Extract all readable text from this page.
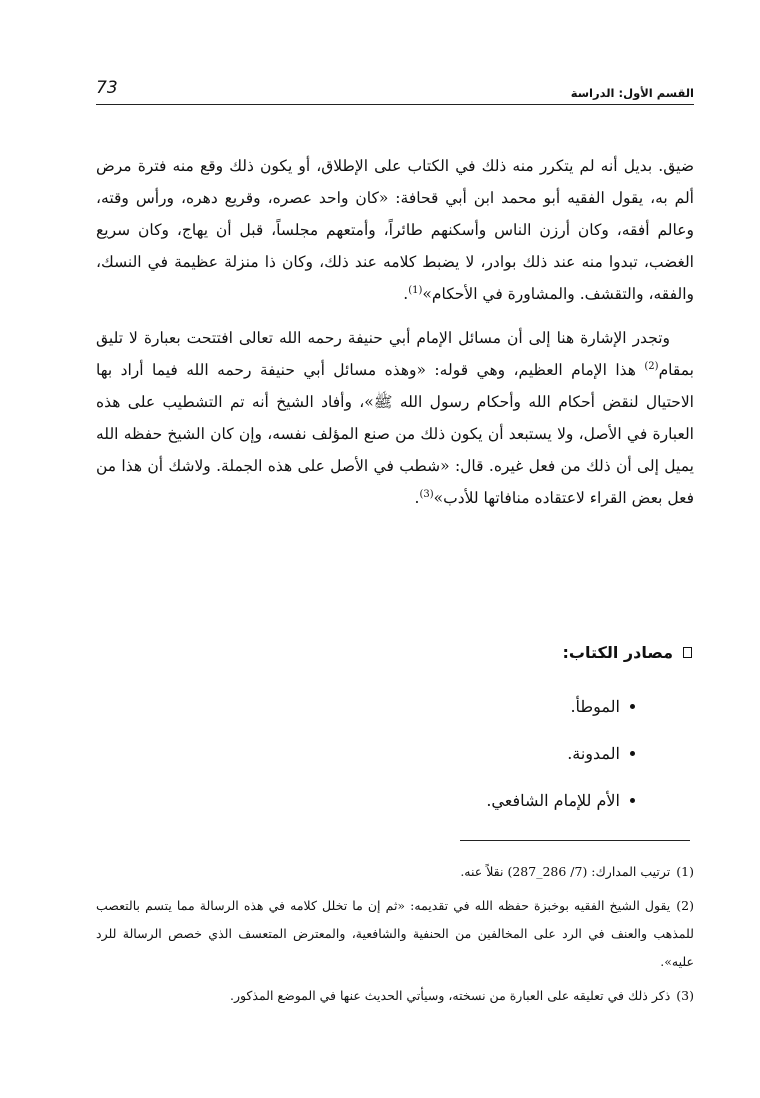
73	القسم الأول: الدراسة

ضيق. بديل أنه لم يتكرر منه ذلك في الكتاب على الإطلاق، أو يكون ذلك وقع منه فترة مرض ألم به، يقول الفقيه أبو محمد ابن أبي قحافة: «كان واحد عصره، وقريع دهره، ورأس وقته، وعالم أفقه، وكان أرزن الناس وأسكنهم طائراً، وأمتعهم مجلساً، قبل أن يهاج، وكان سريع الغضب، تبدوا منه عند ذلك بوادر، لا يضبط كلامه عند ذلك، وكان ذا منزلة عظيمة في النسك، والفقه، والتقشف. والمشاورة في الأحكام»$^{(1)}$.

وتجدر الإشارة هنا إلى أن مسائل الإمام أبي حنيفة رحمه الله تعالى افتتحت بعبارة لا تليق بمقام$^{(2)}$ هذا الإمام العظيم، وهي قوله: «وهذه مسائل أبي حنيفة رحمه الله فيما أراد بها الاحتيال لنقض أحكام الله وأحكام رسول الله ﷺ»، وأفاد الشيخ أنه تم التشطيب على هذه العبارة في الأصل، ولا يستبعد أن يكون ذلك من صنع المؤلف نفسه، وإن كان الشيخ حفظه الله يميل إلى أن ذلك من فعل غيره. قال: «شطب في الأصل على هذه الجملة. ولاشك أن هذا من فعل بعض القراء لاعتقاده منافاتها للأدب»$^{(3)}$.

مصادر الكتاب:
الموطأ.
المدونة.
الأم للإمام الشافعي.

(1)ترتيب المدارك: (7/ 286_287) نقلاً عنه.

(2)يقول الشيخ الفقيه بوخبزة حفظه الله في تقديمه: «ثم إن ما تخلل كلامه في هذه الرسالة مما يتسم بالتعصب للمذهب والعنف في الرد على المخالفين من الحنفية والشافعية، والمعترض المتعسف الذي خصص الرسالة للرد عليه».

(3)ذكر ذلك في تعليقه على العبارة من نسخته، وسيأتي الحديث عنها في الموضع المذكور.
